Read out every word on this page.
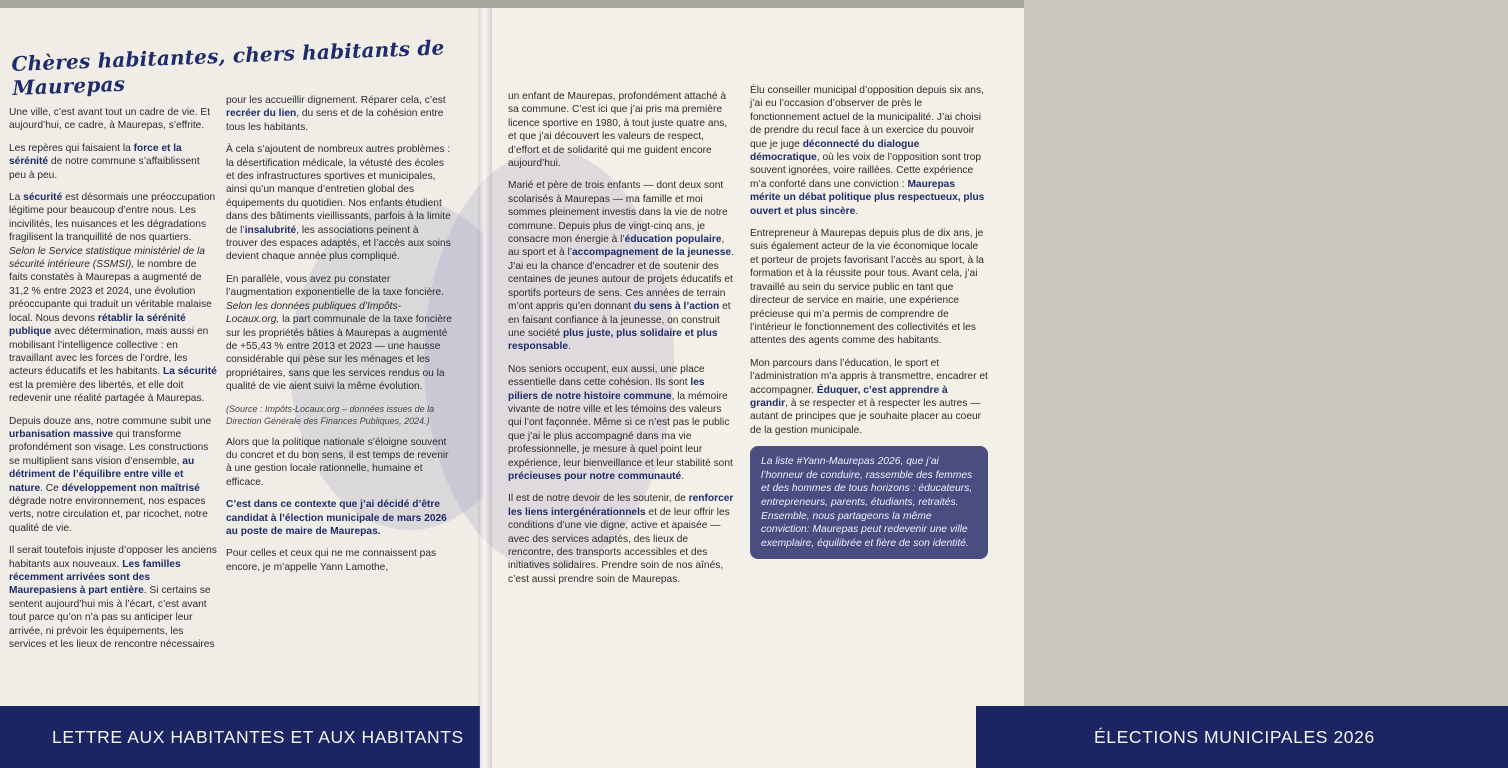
Chères habitantes, chers habitants de Maurepas

Une ville, c’est avant tout un cadre de vie. Et aujourd’hui, ce cadre, à Maurepas, s’effrite.

Les repères qui faisaient la force et la sérénité de notre commune s’affaiblissent peu à peu.

La sécurité est désormais une préoccupation légitime pour beaucoup d’entre nous. Les incivilités, les nuisances et les dégradations fragilisent la tranquillité de nos quartiers. Selon le Service statistique ministériel de la sécurité intérieure (SSMSI), le nombre de faits constatés à Maurepas a augmenté de 31,2 % entre 2023 et 2024, une évolution préoccupante qui traduit un véritable malaise local. Nous devons rétablir la sérénité publique avec détermination, mais aussi en mobilisant l’intelligence collective : en travaillant avec les forces de l’ordre, les acteurs éducatifs et les habitants. La sécurité est la première des libertés, et elle doit redevenir une réalité partagée à Maurepas.

Depuis douze ans, notre commune subit une urbanisation massive qui transforme profondément son visage. Les constructions se multiplient sans vision d’ensemble, au détriment de l’équilibre entre ville et nature. Ce développement non maîtrisé dégrade notre environnement, nos espaces verts, notre circulation et, par ricochet, notre qualité de vie.

Il serait toutefois injuste d’opposer les anciens habitants aux nouveaux. Les familles récemment arrivées sont des Maurepasiens à part entière. Si certains se sentent aujourd’hui mis à l’écart, c’est avant tout parce qu’on n’a pas su anticiper leur arrivée, ni prévoir les équipements, les services et les lieux de rencontre nécessaires

pour les accueillir dignement. Réparer cela, c’est recréer du lien, du sens et de la cohésion entre tous les habitants.

À cela s’ajoutent de nombreux autres problèmes : la désertification médicale, la vétusté des écoles et des infrastructures sportives et municipales, ainsi qu’un manque d’entretien global des équipements du quotidien. Nos enfants étudient dans des bâtiments vieillissants, parfois à la limite de l’insalubrité, les associations peinent à trouver des espaces adaptés, et l’accès aux soins devient chaque année plus compliqué.

En parallèle, vous avez pu constater l’augmentation exponentielle de la taxe foncière. Selon les données publiques d’Impôts-Locaux.org, la part communale de la taxe foncière sur les propriétés bâties à Maurepas a augmenté de +55,43 % entre 2013 et 2023 — une hausse considérable qui pèse sur les ménages et les propriétaires, sans que les services rendus ou la qualité de vie aient suivi la même évolution.

(Source : Impôts-Locaux.org – données issues de la Direction Générale des Finances Publiques, 2024.)

Alors que la politique nationale s’éloigne souvent du concret et du bon sens, il est temps de revenir à une gestion locale rationnelle, humaine et efficace.

C’est dans ce contexte que j’ai décidé d’être candidat à l’élection municipale de mars 2026 au poste de maire de Maurepas.

Pour celles et ceux qui ne me connaissent pas encore, je m’appelle Yann Lamothe,

LETTRE AUX HABITANTES ET AUX HABITANTS

un enfant de Maurepas, profondément attaché à sa commune. C’est ici que j’ai pris ma première licence sportive en 1980, à tout juste quatre ans, et que j’ai découvert les valeurs de respect, d’effort et de solidarité qui me guident encore aujourd’hui.

Marié et père de trois enfants — dont deux sont scolarisés à Maurepas — ma famille et moi sommes pleinement investis dans la vie de notre commune. Depuis plus de vingt-cinq ans, je consacre mon énergie à l’éducation populaire, au sport et à l’accompagnement de la jeunesse. J’ai eu la chance d’encadrer et de soutenir des centaines de jeunes autour de projets éducatifs et sportifs porteurs de sens. Ces années de terrain m’ont appris qu’en donnant du sens à l’action et en faisant confiance à la jeunesse, on construit une société plus juste, plus solidaire et plus responsable.

Nos seniors occupent, eux aussi, une place essentielle dans cette cohésion. Ils sont les piliers de notre histoire commune, la mémoire vivante de notre ville et les témoins des valeurs qui l’ont façonnée. Même si ce n’est pas le public que j’ai le plus accompagné dans ma vie professionnelle, je mesure à quel point leur expérience, leur bienveillance et leur stabilité sont précieuses pour notre communauté.

Il est de notre devoir de les soutenir, de renforcer les liens intergénérationnels et de leur offrir les conditions d’une vie digne, active et apaisée — avec des services adaptés, des lieux de rencontre, des transports accessibles et des initiatives solidaires. Prendre soin de nos aînés, c’est aussi prendre soin de Maurepas.

Élu conseiller municipal d’opposition depuis six ans, j’ai eu l’occasion d’observer de près le fonctionnement actuel de la municipalité. J’ai choisi de prendre du recul face à un exercice du pouvoir que je juge déconnecté du dialogue démocratique, où les voix de l’opposition sont trop souvent ignorées, voire raillées. Cette expérience m’a conforté dans une conviction : Maurepas mérite un débat politique plus respectueux, plus ouvert et plus sincère.

Entrepreneur à Maurepas depuis plus de dix ans, je suis également acteur de la vie économique locale et porteur de projets favorisant l’accès au sport, à la formation et à la réussite pour tous. Avant cela, j’ai travaillé au sein du service public en tant que directeur de service en mairie, une expérience précieuse qui m’a permis de comprendre de l’intérieur le fonctionnement des collectivités et les attentes des agents comme des habitants.

Mon parcours dans l’éducation, le sport et l’administration m’a appris à transmettre, encadrer et accompagner. Éduquer, c’est apprendre à grandir, à se respecter et à respecter les autres — autant de principes que je souhaite placer au coeur de la gestion municipale.

La liste #Yann-Maurepas 2026, que j’ai l’honneur de conduire, rassemble des femmes et des hommes de tous horizons : éducateurs, entrepreneurs, parents, étudiants, retraités. Ensemble, nous partageons la même conviction: Maurepas peut redevenir une ville exemplaire, équilibrée et fière de son identité.
ÉLECTIONS MUNICIPALES 2026
